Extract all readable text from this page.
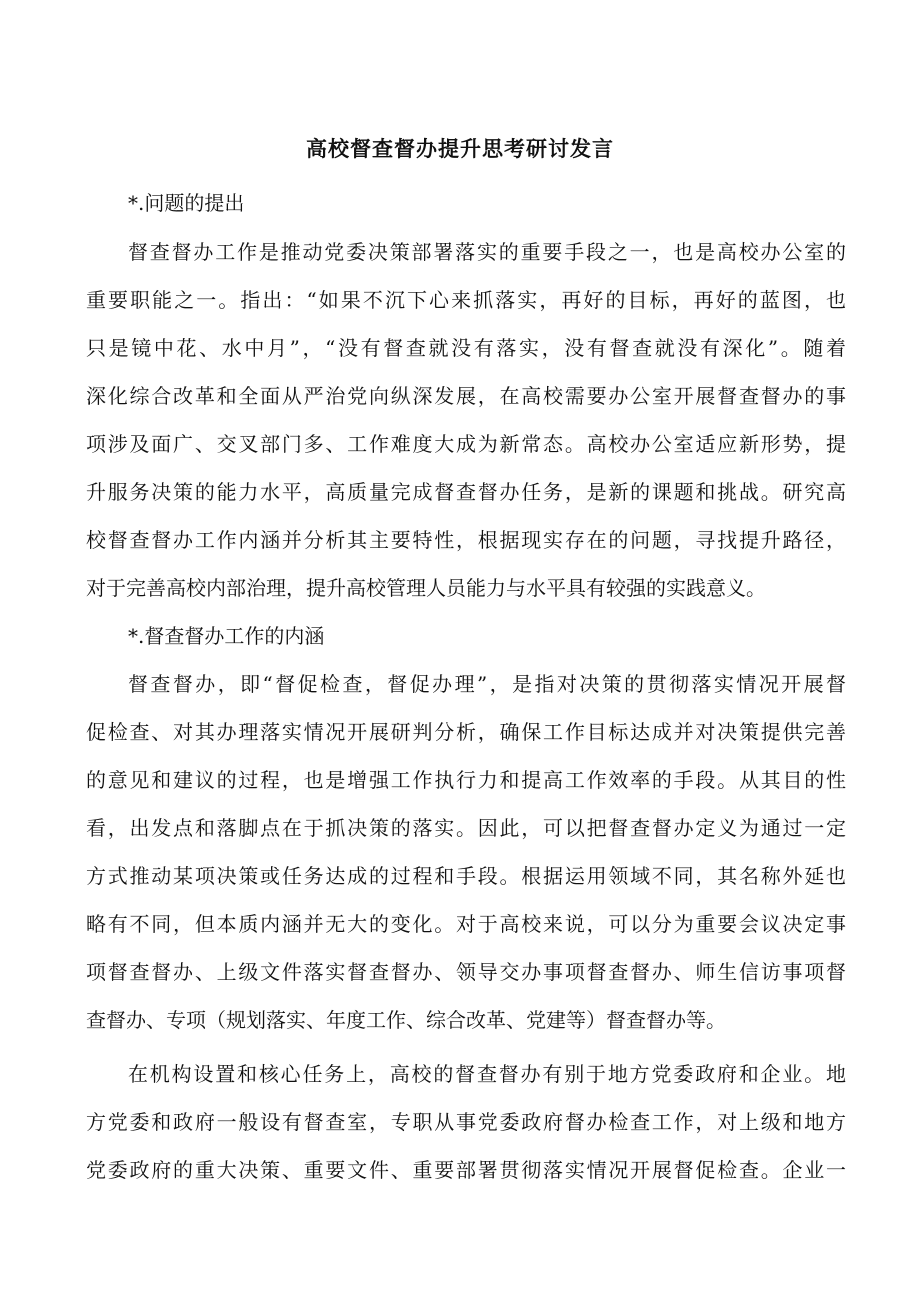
高校督查督办提升思考研讨发言
*.问题的提出
督查督办工作是推动党委决策部署落实的重要手段之一，也是高校办公室的
重要职能之一。指出：“如果不沉下心来抓落实，再好的目标，再好的蓝图，也
只是镜中花、水中月”，“没有督查就没有落实，没有督查就没有深化”。随着
深化综合改革和全面从严治党向纵深发展，在高校需要办公室开展督查督办的事
项涉及面广、交叉部门多、工作难度大成为新常态。高校办公室适应新形势，提
升服务决策的能力水平，高质量完成督查督办任务，是新的课题和挑战。研究高
校督查督办工作内涵并分析其主要特性，根据现实存在的问题，寻找提升路径，
对于完善高校内部治理，提升高校管理人员能力与水平具有较强的实践意义。
*.督查督办工作的内涵
督查督办，即“督促检查，督促办理”，是指对决策的贯彻落实情况开展督
促检查、对其办理落实情况开展研判分析，确保工作目标达成并对决策提供完善
的意见和建议的过程，也是增强工作执行力和提高工作效率的手段。从其目的性
看，出发点和落脚点在于抓决策的落实。因此，可以把督查督办定义为通过一定
方式推动某项决策或任务达成的过程和手段。根据运用领域不同，其名称外延也
略有不同，但本质内涵并无大的变化。对于高校来说，可以分为重要会议决定事
项督查督办、上级文件落实督查督办、领导交办事项督查督办、师生信访事项督
查督办、专项（规划落实、年度工作、综合改革、党建等）督查督办等。
在机构设置和核心任务上，高校的督查督办有别于地方党委政府和企业。地
方党委和政府一般设有督查室，专职从事党委政府督办检查工作，对上级和地方
党委政府的重大决策、重要文件、重要部署贯彻落实情况开展督促检查。企业一
